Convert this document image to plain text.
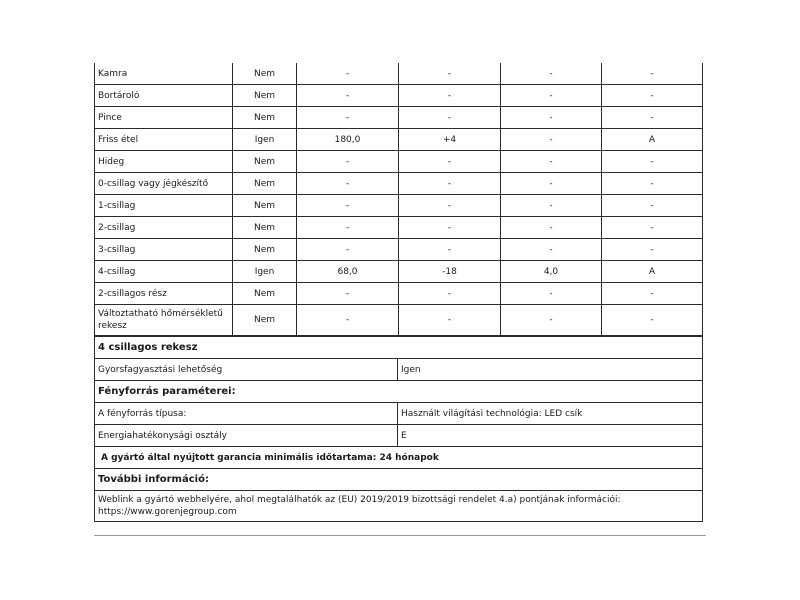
Kamra	Nem	-	-	-	-
Bortároló	Nem	-	-	-	-
Pince	Nem	-	-	-	-
Friss étel	Igen	180,0	+4	-	A
Hideg	Nem	-	-	-	-
0-csillag vagy jégkészítő	Nem	-	-	-	-
1-csillag	Nem	-	-	-	-
2-csillag	Nem	-	-	-	-
3-csillag	Nem	-	-	-	-
4-csillag	Igen	68,0	-18	4,0	A
2-csillagos rész	Nem	-	-	-	-
Változtatható hőmérsékletű rekesz	Nem	-	-	-	-
4 csillagos rekesz	
Gyorsfagyasztási lehetőség	Igen
Fényforrás paraméterei:	
A fényforrás típusa:	Használt világítási technológia: LED csík
Energiahatékonysági osztály	E
A gyártó által nyújtott garancia minimális időtartama: 24 hónapok	
További információ:	

Weblink a gyártó webhelyére, ahol megtalálhatók az (EU) 2019/2019 bizottsági rendelet 4.a) pontjának információi:
https://www.gorenjegroup.com	
